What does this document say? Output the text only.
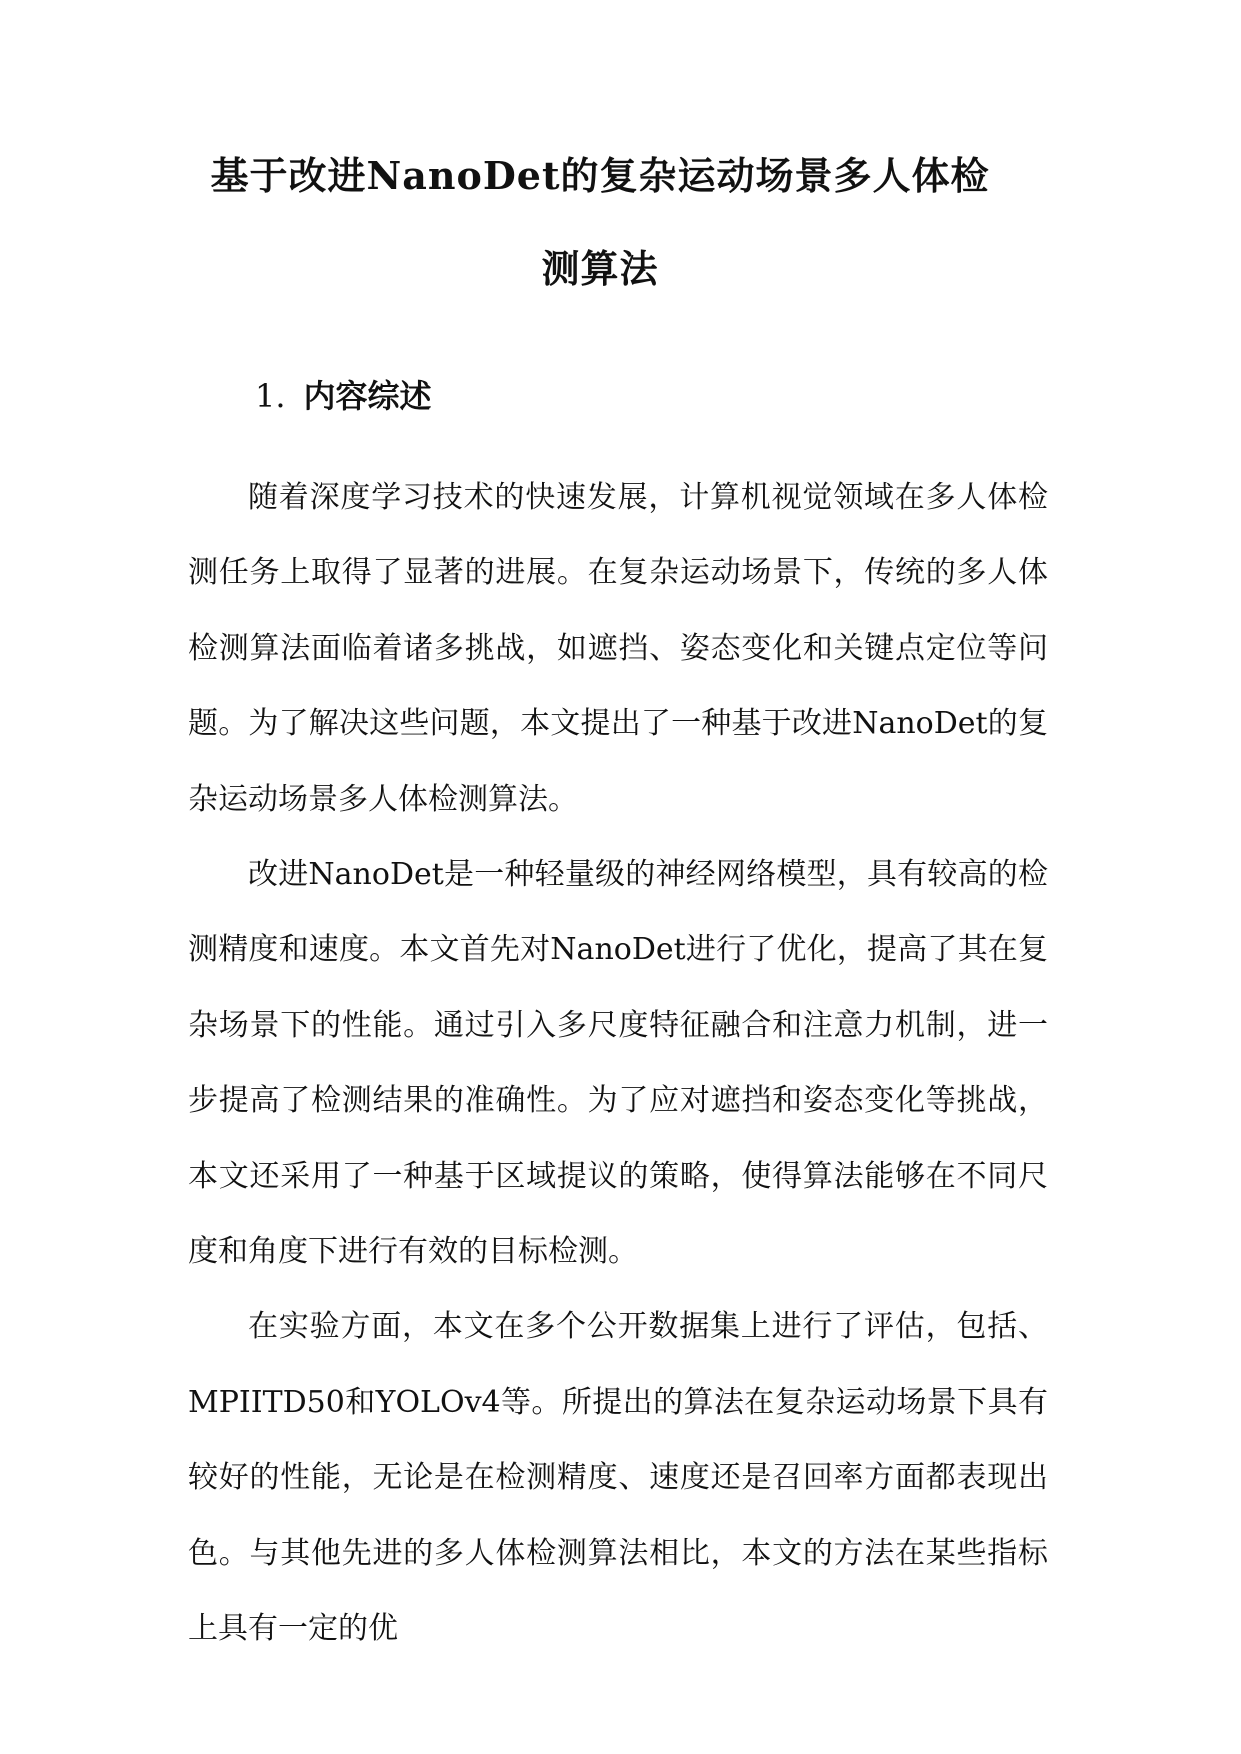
基于改进NanoDet的复杂运动场景多人体检
测算法
1. 内容综述

随着深度学习技术的快速发展，计算机视觉领域在多人体检测任务上取得了显著的进展。在复杂运动场景下，传统的多人体检测算法面临着诸多挑战，如遮挡、姿态变化和关键点定位等问题。为了解决这些问题，本文提出了一种基于改进NanoDet的复杂运动场景多人体检测算法。

改进NanoDet是一种轻量级的神经网络模型，具有较高的检测精度和速度。本文首先对NanoDet进行了优化，提高了其在复杂场景下的性能。通过引入多尺度特征融合和注意力机制，进一步提高了检测结果的准确性。为了应对遮挡和姿态变化等挑战，本文还采用了一种基于区域提议的策略，使得算法能够在不同尺度和角度下进行有效的目标检测。

在实验方面，本文在多个公开数据集上进行了评估，包括、MPIITD50和YOLOv4等。所提出的算法在复杂运动场景下具有较好的性能，无论是在检测精度、速度还是召回率方面都表现出色。与其他先进的多人体检测算法相比，本文的方法在某些指标上具有一定的优
